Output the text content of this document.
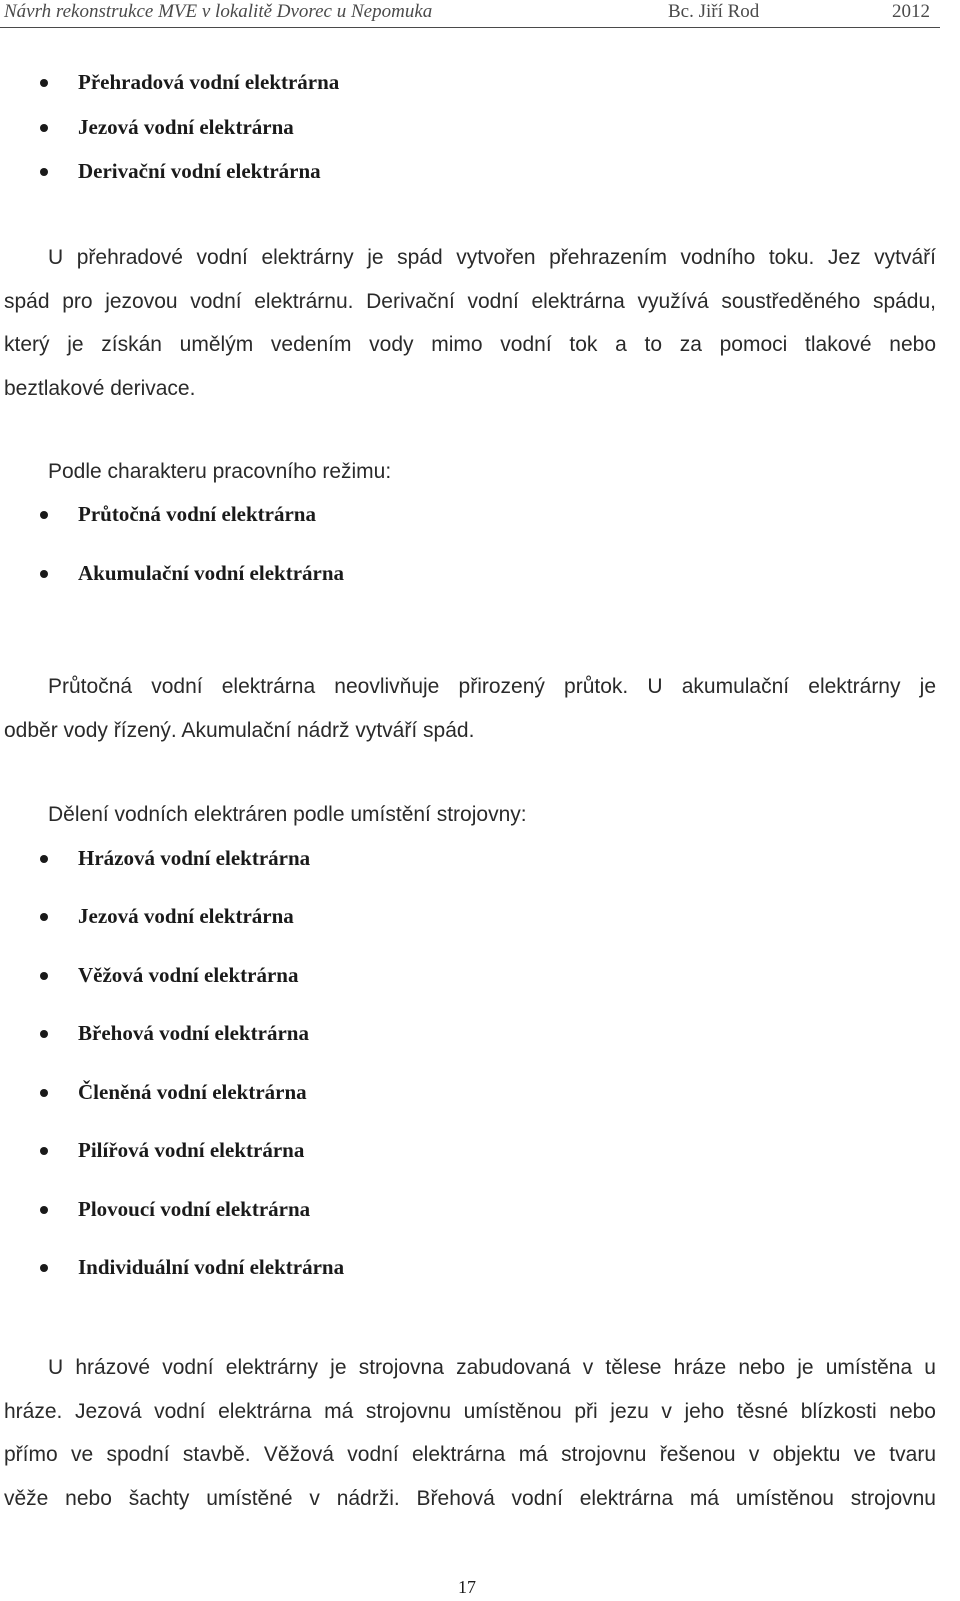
Návrh rekonstrukce MVE v lokalitě Dvorec u Nepomuka	Bc. Jiří Rod	2012
Přehradová vodní elektrárna
Jezová vodní elektrárna
Derivační vodní elektrárna
U přehradové vodní elektrárny je spád vytvořen přehrazením vodního toku. Jez vytváří
spád pro jezovou vodní elektrárnu. Derivační vodní elektrárna využívá soustředěného spádu,
který je získán umělým vedením vody mimo vodní tok a to za pomoci tlakové nebo
beztlakové derivace.
Podle charakteru pracovního režimu:
Průtočná vodní elektrárna
Akumulační vodní elektrárna
Průtočná vodní elektrárna neovlivňuje přirozený průtok. U akumulační elektrárny je
odběr vody řízený. Akumulační nádrž vytváří spád.
Dělení vodních elektráren podle umístění strojovny:
Hrázová vodní elektrárna
Jezová vodní elektrárna
Věžová vodní elektrárna
Břehová vodní elektrárna
Členěná vodní elektrárna
Pilířová vodní elektrárna
Plovoucí vodní elektrárna
Individuální vodní elektrárna
U hrázové vodní elektrárny je strojovna zabudovaná v tělese hráze nebo je umístěna u
hráze. Jezová vodní elektrárna má strojovnu umístěnou při jezu v jeho těsné blízkosti nebo
přímo ve spodní stavbě. Věžová vodní elektrárna má strojovnu řešenou v objektu ve tvaru
věže nebo šachty umístěné v nádrži. Břehová vodní elektrárna má umístěnou strojovnu
17
